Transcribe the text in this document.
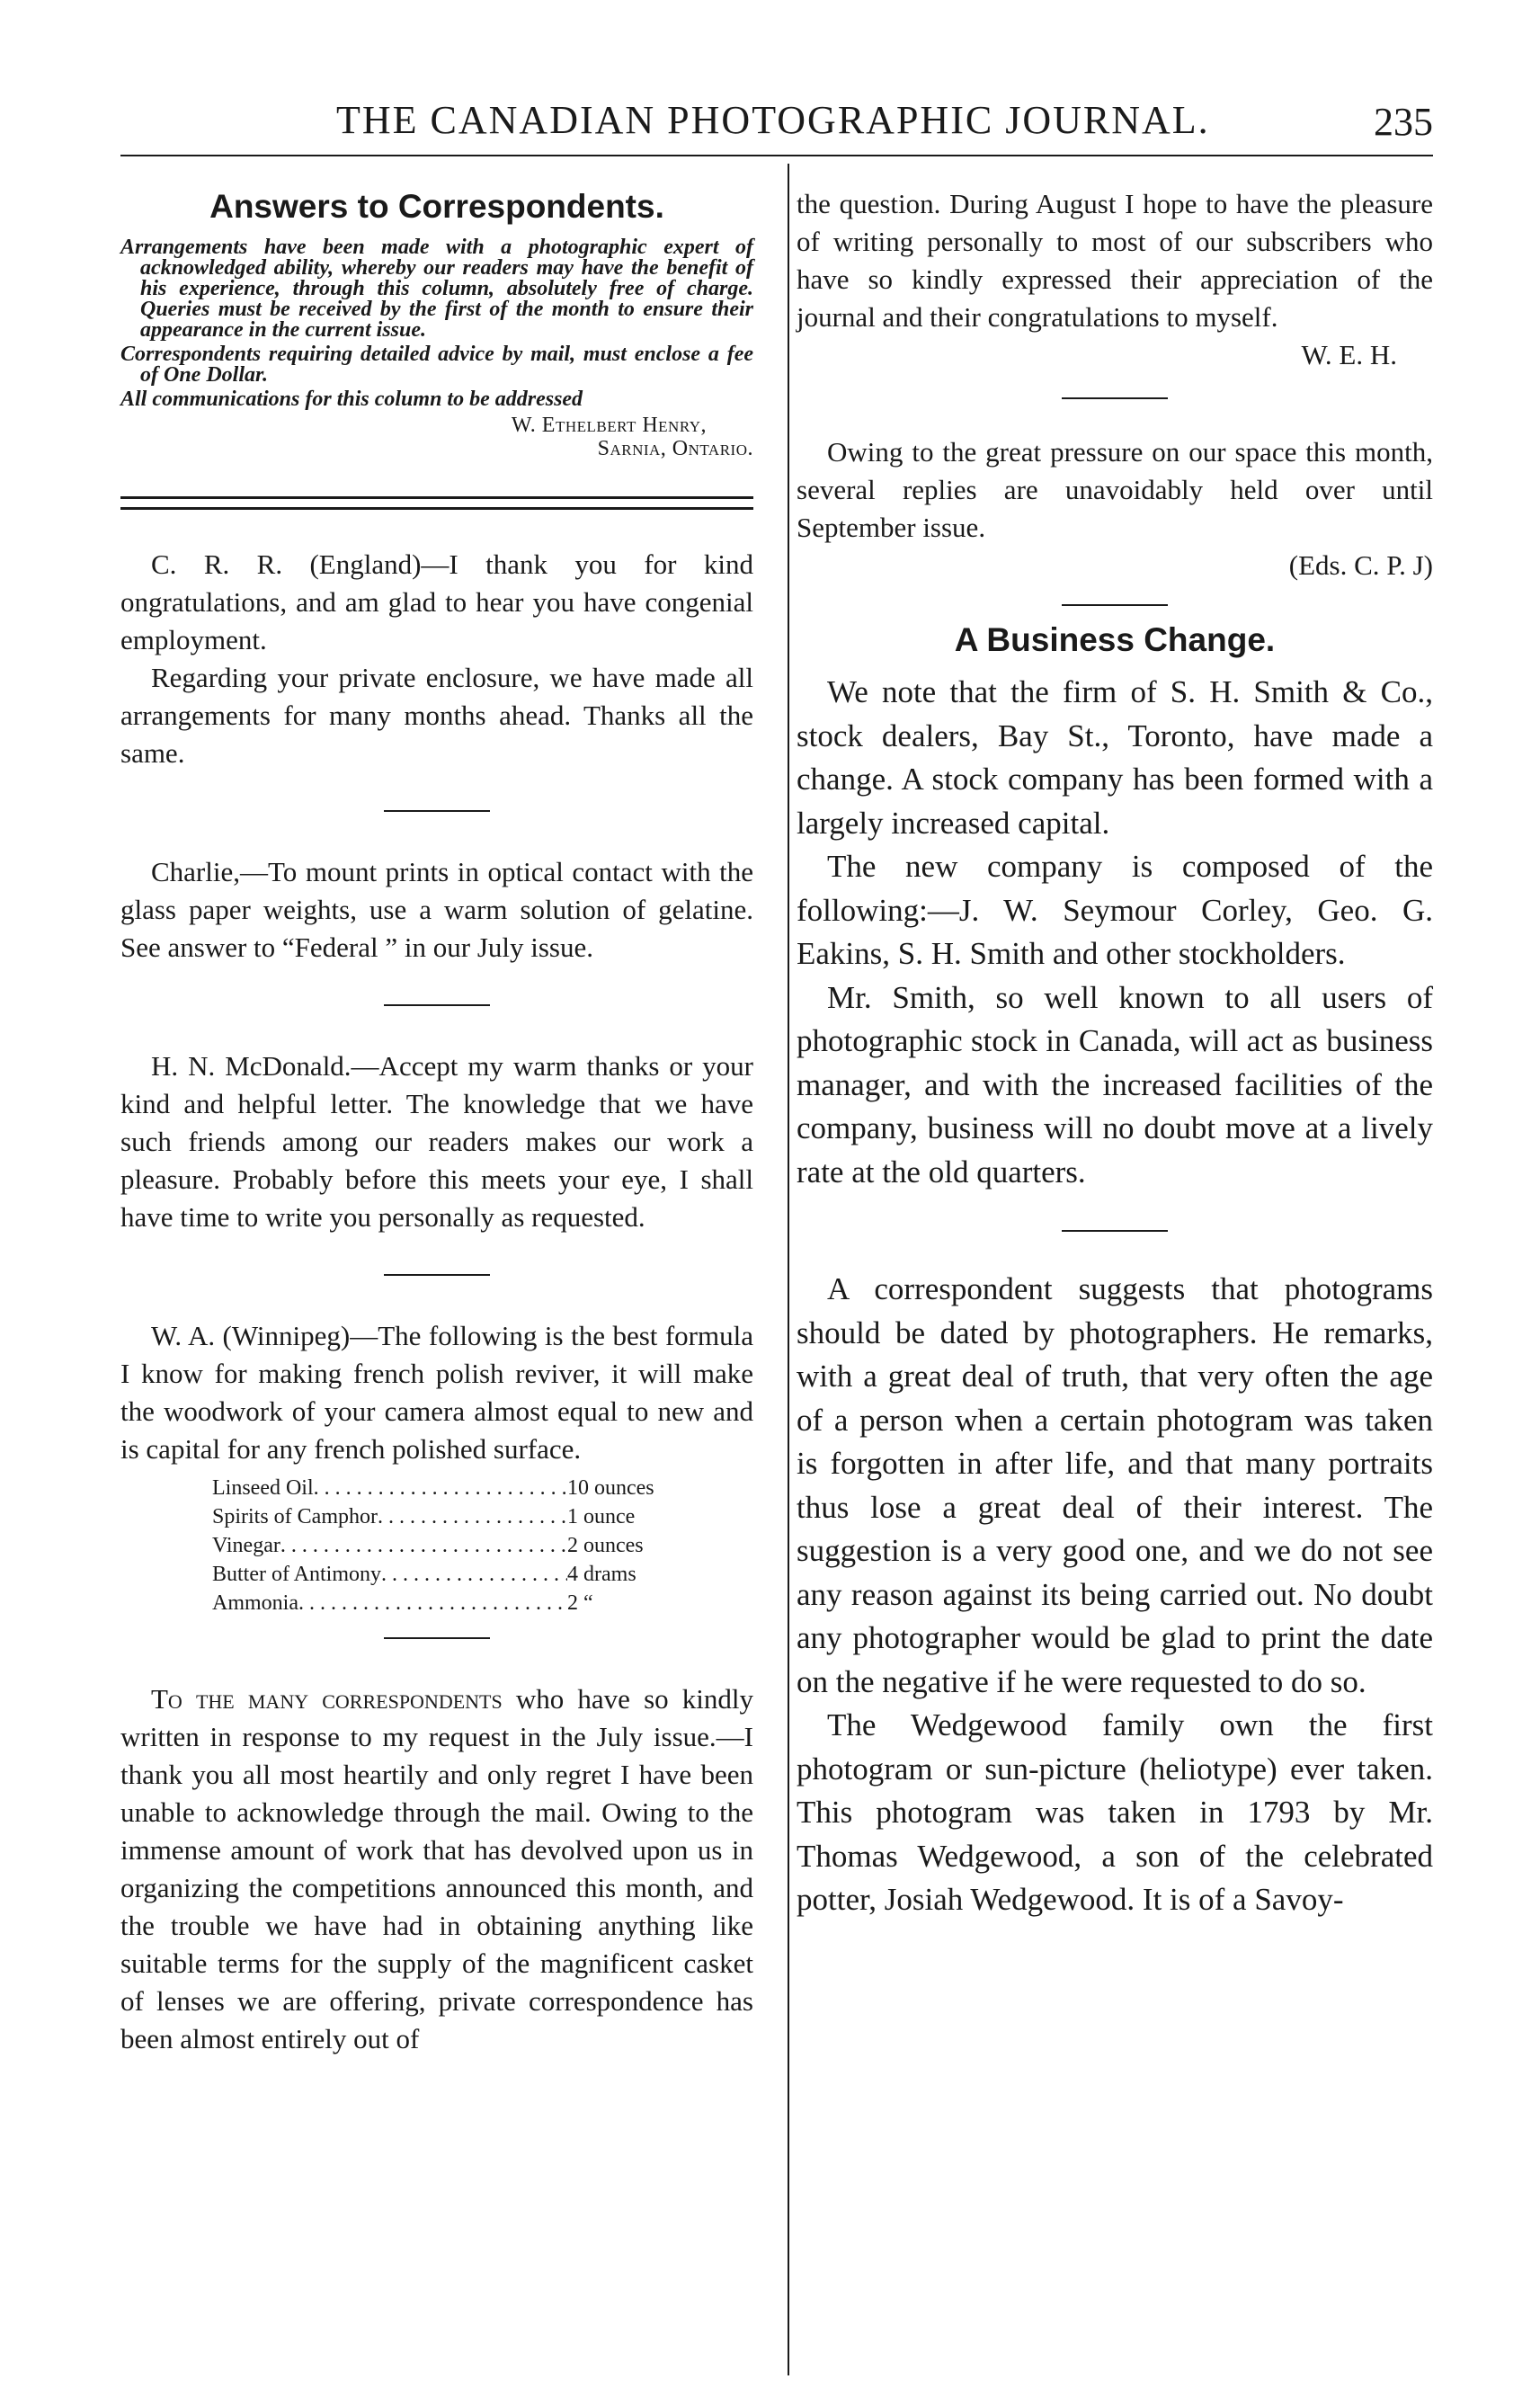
THE CANADIAN PHOTOGRAPHIC JOURNAL.	235
Answers to Correspondents.

Arrangements have been made with a photographic expert of acknowledged ability, whereby our readers may have the benefit of his experience, through this column, absolutely free of charge. Queries must be received by the first of the month to ensure their appearance in the current issue.

Correspondents requiring detailed advice by mail, must enclose a fee of One Dollar.

All communications for this column to be addressed

W. Ethelbert Henry,
Sarnia, Ontario.

C. R. R. (England)—I thank you for kind ongratulations, and am glad to hear you have congenial employment.

Regarding your private enclosure, we have made all arrangements for many months ahead. Thanks all the same.

Charlie,—To mount prints in optical contact with the glass paper weights, use a warm solution of gelatine. See answer to “Federal ” in our July issue.

H. N. McDonald.—Accept my warm thanks or your kind and helpful letter. The knowledge that we have such friends among our readers makes our work a pleasure. Probably before this meets your eye, I shall have time to write you personally as requested.

W. A. (Winnipeg)—The following is the best formula I know for making french polish reviver, it will make the woodwork of your camera almost equal to new and is capital for any french polished surface.

Linseed Oil . . .	10 ounces
Spirits of Camphor . . .	1 ounce
Vinegar . . .	2 ounces
Butter of Antimony . . .	4 drams
Ammonia . . .	2 “

To the many correspondents who have so kindly written in response to my request in the July issue.—I thank you all most heartily and only regret I have been unable to acknowledge through the mail. Owing to the immense amount of work that has devolved upon us in organizing the competitions announced this month, and the trouble we have had in obtaining anything like suitable terms for the supply of the magnificent casket of lenses we are offering, private correspondence has been almost entirely out of

the question. During August I hope to have the pleasure of writing personally to most of our subscribers who have so kindly expressed their appreciation of the journal and their congratulations to myself.

W. E. H.

Owing to the great pressure on our space this month, several replies are unavoidably held over until September issue.

(Eds. C. P. J)

A Business Change.

We note that the firm of S. H. Smith & Co., stock dealers, Bay St., Toronto, have made a change. A stock company has been formed with a largely increased capital.

The new company is composed of the following:—J. W. Seymour Corley, Geo. G. Eakins, S. H. Smith and other stockholders.

Mr. Smith, so well known to all users of photographic stock in Canada, will act as business manager, and with the increased facilities of the company, business will no doubt move at a lively rate at the old quarters.

A correspondent suggests that photograms should be dated by photographers. He remarks, with a great deal of truth, that very often the age of a person when a certain photogram was taken is forgotten in after life, and that many portraits thus lose a great deal of their interest. The suggestion is a very good one, and we do not see any reason against its being carried out. No doubt any photographer would be glad to print the date on the negative if he were requested to do so.

The Wedgewood family own the first photogram or sun-picture (heliotype) ever taken. This photogram was taken in 1793 by Mr. Thomas Wedgewood, a son of the celebrated potter, Josiah Wedgewood. It is of a Savoy-
